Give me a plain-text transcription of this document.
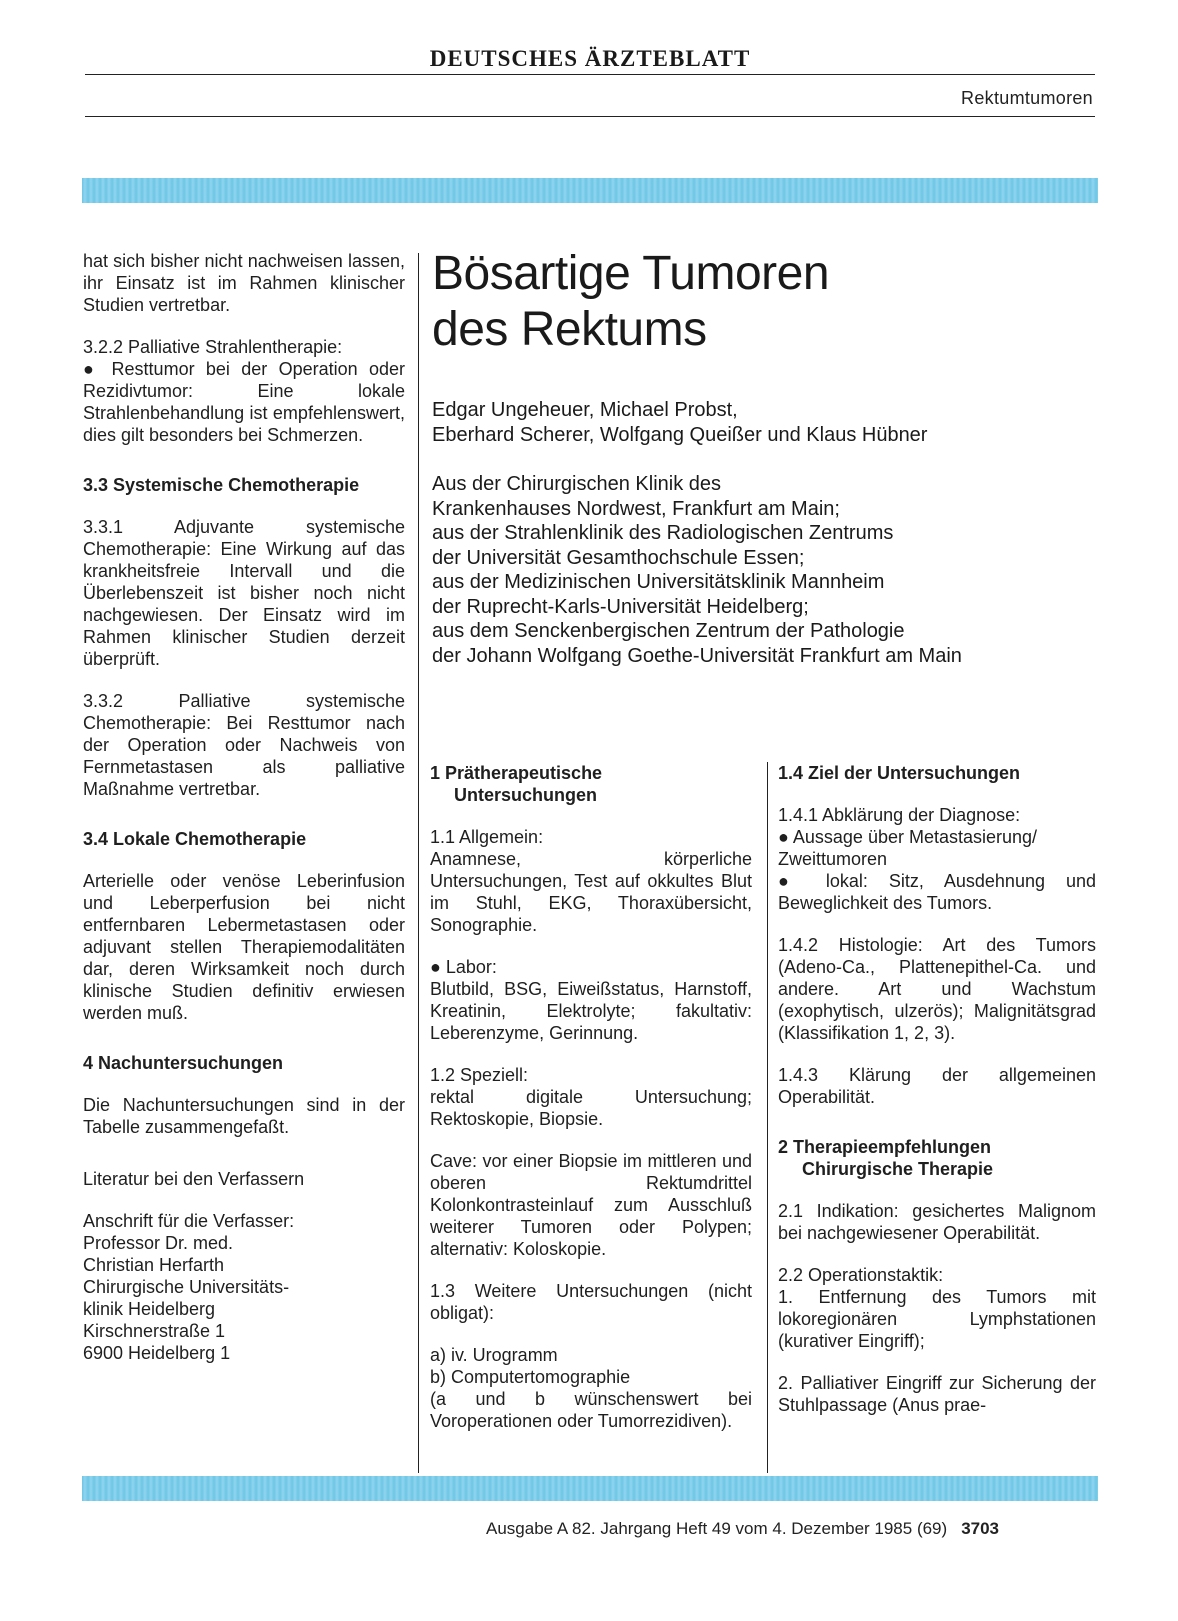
DEUTSCHES ÄRZTEBLATT
Rektumtumoren

hat sich bisher nicht nachweisen lassen, ihr Einsatz ist im Rahmen klinischer Studien vertretbar.

3.2.2 Palliative Strahlentherapie:
● Resttumor bei der Operation oder Rezidivtumor: Eine lokale Strahlenbehandlung ist empfehlenswert, dies gilt besonders bei Schmerzen.

3.3 Systemische Chemotherapie

3.3.1 Adjuvante systemische Chemotherapie: Eine Wirkung auf das krankheitsfreie Intervall und die Überlebenszeit ist bisher noch nicht nachgewiesen. Der Einsatz wird im Rahmen klinischer Studien derzeit überprüft.

3.3.2 Palliative systemische Chemotherapie: Bei Resttumor nach der Operation oder Nachweis von Fernmetastasen als palliative Maßnahme vertretbar.

3.4 Lokale Chemotherapie

Arterielle oder venöse Leberinfusion und Leberperfusion bei nicht entfernbaren Lebermetastasen oder adjuvant stellen Therapiemodalitäten dar, deren Wirksamkeit noch durch klinische Studien definitiv erwiesen werden muß.

4 Nachuntersuchungen

Die Nachuntersuchungen sind in der Tabelle zusammengefaßt.

Literatur bei den Verfassern

Anschrift für die Verfasser:
Professor Dr. med.
Christian Herfarth
Chirurgische Universitäts-
klinik Heidelberg
Kirschnerstraße 1
6900 Heidelberg 1

Bösartige Tumoren
des Rektums
Edgar Ungeheuer, Michael Probst,
Eberhard Scherer, Wolfgang Queißer und Klaus Hübner
Aus der Chirurgischen Klinik des
Krankenhauses Nordwest, Frankfurt am Main;
aus der Strahlenklinik des Radiologischen Zentrums
der Universität Gesamthochschule Essen;
aus der Medizinischen Universitätsklinik Mannheim
der Ruprecht-Karls-Universität Heidelberg;
aus dem Senckenbergischen Zentrum der Pathologie
der Johann Wolfgang Goethe-Universität Frankfurt am Main
1 Prätherapeutische
Untersuchungen

1.1 Allgemein:
Anamnese, körperliche Untersuchungen, Test auf okkultes Blut im Stuhl, EKG, Thoraxübersicht, Sonographie.

● Labor:
Blutbild, BSG, Eiweißstatus, Harnstoff, Kreatinin, Elektrolyte; fakultativ: Leberenzyme, Gerinnung.

1.2 Speziell:
rektal digitale Untersuchung; Rektoskopie, Biopsie.

Cave: vor einer Biopsie im mittleren und oberen Rektumdrittel Kolonkontrasteinlauf zum Ausschluß weiterer Tumoren oder Polypen; alternativ: Koloskopie.

1.3 Weitere Untersuchungen (nicht obligat):

a) iv. Urogramm
b) Computertomographie
(a und b wünschenswert bei Voroperationen oder Tumorrezidiven).

1.4 Ziel der Untersuchungen

1.4.1 Abklärung der Diagnose:
● Aussage über Metastasierung/ Zweittumoren
● lokal: Sitz, Ausdehnung und Beweglichkeit des Tumors.

1.4.2 Histologie: Art des Tumors (Adeno-Ca., Plattenepithel-Ca. und andere. Art und Wachstum (exophytisch, ulzerös); Malignitätsgrad (Klassifikation 1, 2, 3).

1.4.3 Klärung der allgemeinen Operabilität.

2 Therapieempfehlungen
Chirurgische Therapie

2.1 Indikation: gesichertes Malignom bei nachgewiesener Operabilität.

2.2 Operationstaktik:
1. Entfernung des Tumors mit lokoregionären Lymphstationen (kurativer Eingriff);

2. Palliativer Eingriff zur Sicherung der Stuhlpassage (Anus prae-

Ausgabe A 82. Jahrgang Heft 49 vom 4. Dezember 1985 (69) 3703
